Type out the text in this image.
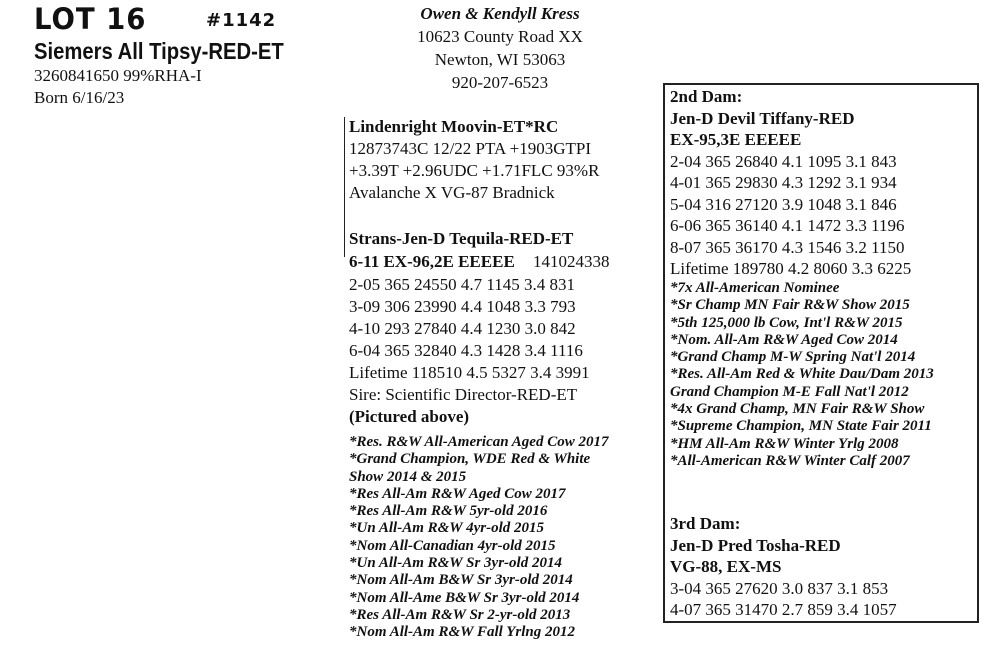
LOT 16	#1142
Siemers All Tipsy-RED-ET
3260841650 99%RHA-I
Born 6/16/23
Owen & Kendyll Kress
10623 County Road XX
Newton, WI 53063
920-207-6523
Lindenright Moovin-ET*RC
12873743C 12/22 PTA +1903GTPI
+3.39T +2.96UDC +1.71FLC 93%R
Avalanche X VG-87 Bradnick
Strans-Jen-D Tequila-RED-ET
6-11 EX-96,2E EEEEE 141024338
2-05 365 24550 4.7 1145 3.4 831
3-09 306 23990 4.4 1048 3.3 793
4-10 293 27840 4.4 1230 3.0 842
6-04 365 32840 4.3 1428 3.4 1116
Lifetime 118510 4.5 5327 3.4 3991
Sire: Scientific Director-RED-ET
(Pictured above)
*Res. R&W All-American Aged Cow 2017
*Grand Champion, WDE Red & White
Show 2014 & 2015
*Res All-Am R&W Aged Cow 2017
*Res All-Am R&W 5yr-old 2016
*Un All-Am R&W 4yr-old 2015
*Nom All-Canadian 4yr-old 2015
*Un All-Am R&W Sr 3yr-old 2014
*Nom All-Am B&W Sr 3yr-old 2014
*Nom All-Ame B&W Sr 3yr-old 2014
*Res All-Am R&W Sr 2-yr-old 2013
*Nom All-Am R&W Fall Yrlng 2012
2nd Dam:
Jen-D Devil Tiffany-RED
EX-95,3E EEEEE
2-04 365 26840 4.1 1095 3.1 843
4-01 365 29830 4.3 1292 3.1 934
5-04 316 27120 3.9 1048 3.1 846
6-06 365 36140 4.1 1472 3.3 1196
8-07 365 36170 4.3 1546 3.2 1150
Lifetime 189780 4.2 8060 3.3 6225
*7x All-American Nominee
*Sr Champ MN Fair R&W Show 2015
*5th 125,000 lb Cow, Int'l R&W 2015
*Nom. All-Am R&W Aged Cow 2014
*Grand Champ M-W Spring Nat'l 2014
*Res. All-Am Red & White Dau/Dam 2013
Grand Champion M-E Fall Nat'l 2012
*4x Grand Champ, MN Fair R&W Show
*Supreme Champion, MN State Fair 2011
*HM All-Am R&W Winter Yrlg 2008
*All-American R&W Winter Calf 2007
3rd Dam:
Jen-D Pred Tosha-RED
VG-88, EX-MS
3-04 365 27620 3.0 837 3.1 853
4-07 365 31470 2.7 859 3.4 1057
